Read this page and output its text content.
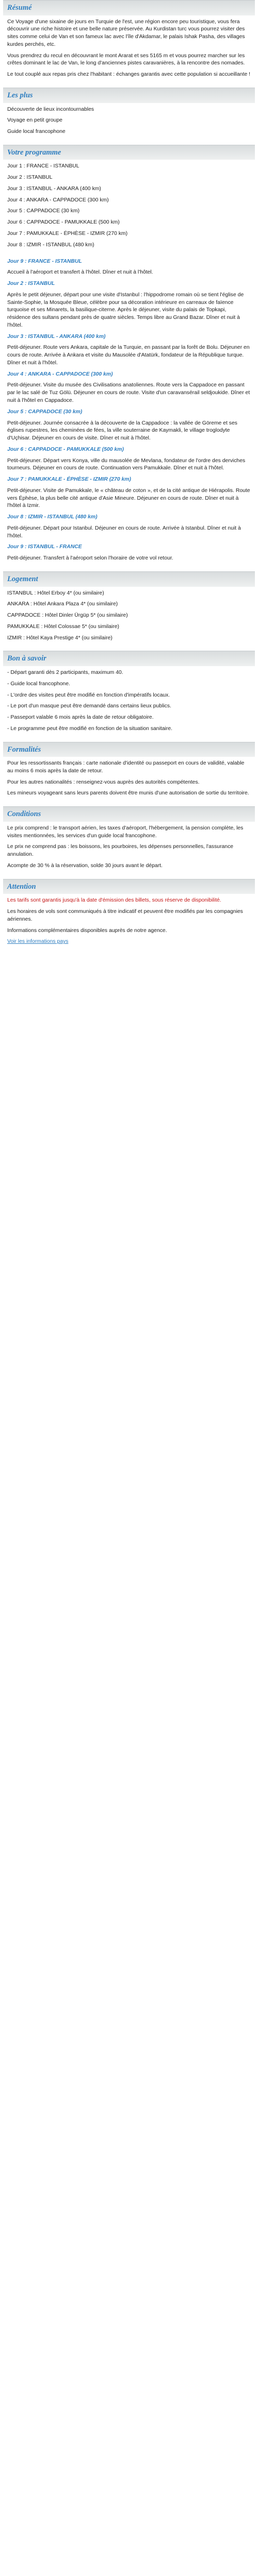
Résumé

Ce Voyage d'une sixaine de jours en Turquie de l'est, une région encore peu touristique, vous fera découvrir une riche histoire et une belle nature préservée. Au Kurdistan turc vous pourrez visiter des sites comme celui de Van et son fameux lac avec l'île d'Akdamar, le palais Ishak Pasha, des villages kurdes perchés, etc.

Vous prendrez du recul en découvrant le mont Ararat et ses 5165 m et vous pourrez marcher sur les crêtes dominant le lac de Van, le long d'anciennes pistes caravanières, à la rencontre des nomades.

Le tout couplé aux repas pris chez l'habitant : échanges garantis avec cette population si accueillante !

Les plus

Découverte de lieux incontournables

Voyage en petit groupe

Guide local francophone

Votre programme

Jour 1 : FRANCE - ISTANBUL

Jour 2 : ISTANBUL

Jour 3 : ISTANBUL - ANKARA (400 km)

Jour 4 : ANKARA - CAPPADOCE (300 km)

Jour 5 : CAPPADOCE (30 km)

Jour 6 : CAPPADOCE - PAMUKKALE (500 km)

Jour 7 : PAMUKKALE - ÉPHÈSE - IZMIR (270 km)

Jour 8 : IZMIR - ISTANBUL (480 km)

Jour 9 : FRANCE - ISTANBUL

Accueil à l'aéroport et transfert à l'hôtel. Dîner et nuit à l'hôtel.

Jour 2 : ISTANBUL

Après le petit déjeuner, départ pour une visite d'Istanbul : l'hippodrome romain où se tient l'église de Sainte-Sophie, la Mosquée Bleue, célèbre pour sa décoration intérieure en carreaux de faïence turquoise et ses Minarets, la basilique-citerne. Après le déjeuner, visite du palais de Topkapi, résidence des sultans pendant près de quatre siècles. Temps libre au Grand Bazar. Dîner et nuit à l'hôtel.

Jour 3 : ISTANBUL - ANKARA (400 km)

Petit-déjeuner. Route vers Ankara, capitale de la Turquie, en passant par la forêt de Bolu. Déjeuner en cours de route. Arrivée à Ankara et visite du Mausolée d'Atatürk, fondateur de la République turque. Dîner et nuit à l'hôtel.

Jour 4 : ANKARA - CAPPADOCE (300 km)

Petit-déjeuner. Visite du musée des Civilisations anatoliennes. Route vers la Cappadoce en passant par le lac salé de Tuz Gölü. Déjeuner en cours de route. Visite d'un caravansérail seldjoukide. Dîner et nuit à l'hôtel en Cappadoce.

Jour 5 : CAPPADOCE (30 km)

Petit-déjeuner. Journée consacrée à la découverte de la Cappadoce : la vallée de Göreme et ses églises rupestres, les cheminées de fées, la ville souterraine de Kaymakli, le village troglodyte d'Uçhisar. Déjeuner en cours de visite. Dîner et nuit à l'hôtel.

Jour 6 : CAPPADOCE - PAMUKKALE (500 km)

Petit-déjeuner. Départ vers Konya, ville du mausolée de Mevlana, fondateur de l'ordre des derviches tourneurs. Déjeuner en cours de route. Continuation vers Pamukkale. Dîner et nuit à l'hôtel.

Jour 7 : PAMUKKALE - ÉPHÈSE - IZMIR (270 km)

Petit-déjeuner. Visite de Pamukkale, le « château de coton », et de la cité antique de Hiérapolis. Route vers Éphèse, la plus belle cité antique d'Asie Mineure. Déjeuner en cours de route. Dîner et nuit à l'hôtel à Izmir.

Jour 8 : IZMIR - ISTANBUL (480 km)

Petit-déjeuner. Départ pour Istanbul. Déjeuner en cours de route. Arrivée à Istanbul. Dîner et nuit à l'hôtel.

Jour 9 : ISTANBUL - FRANCE

Petit-déjeuner. Transfert à l'aéroport selon l'horaire de votre vol retour.

Logement

ISTANBUL : Hôtel Erboy 4* (ou similaire)

ANKARA : Hôtel Ankara Plaza 4* (ou similaire)

CAPPADOCE : Hôtel Dinler Ürgüp 5* (ou similaire)

PAMUKKALE : Hôtel Colossae 5* (ou similaire)

IZMIR : Hôtel Kaya Prestige 4* (ou similaire)

Bon à savoir

- Départ garanti dès 2 participants, maximum 40.

- Guide local francophone.

- L'ordre des visites peut être modifié en fonction d'impératifs locaux.

- Le port d'un masque peut être demandé dans certains lieux publics.

- Passeport valable 6 mois après la date de retour obligatoire.

- Le programme peut être modifié en fonction de la situation sanitaire.

Formalités

Pour les ressortissants français : carte nationale d'identité ou passeport en cours de validité, valable au moins 6 mois après la date de retour.

Pour les autres nationalités : renseignez-vous auprès des autorités compétentes.

Les mineurs voyageant sans leurs parents doivent être munis d'une autorisation de sortie du territoire.

Conditions

Le prix comprend : le transport aérien, les taxes d'aéroport, l'hébergement, la pension complète, les visites mentionnées, les services d'un guide local francophone.

Le prix ne comprend pas : les boissons, les pourboires, les dépenses personnelles, l'assurance annulation.

Acompte de 30 % à la réservation, solde 30 jours avant le départ.

Attention

Les tarifs sont garantis jusqu'à la date d'émission des billets, sous réserve de disponibilité.

Les horaires de vols sont communiqués à titre indicatif et peuvent être modifiés par les compagnies aériennes.

Informations complémentaires disponibles auprès de notre agence.

Voir les informations pays
